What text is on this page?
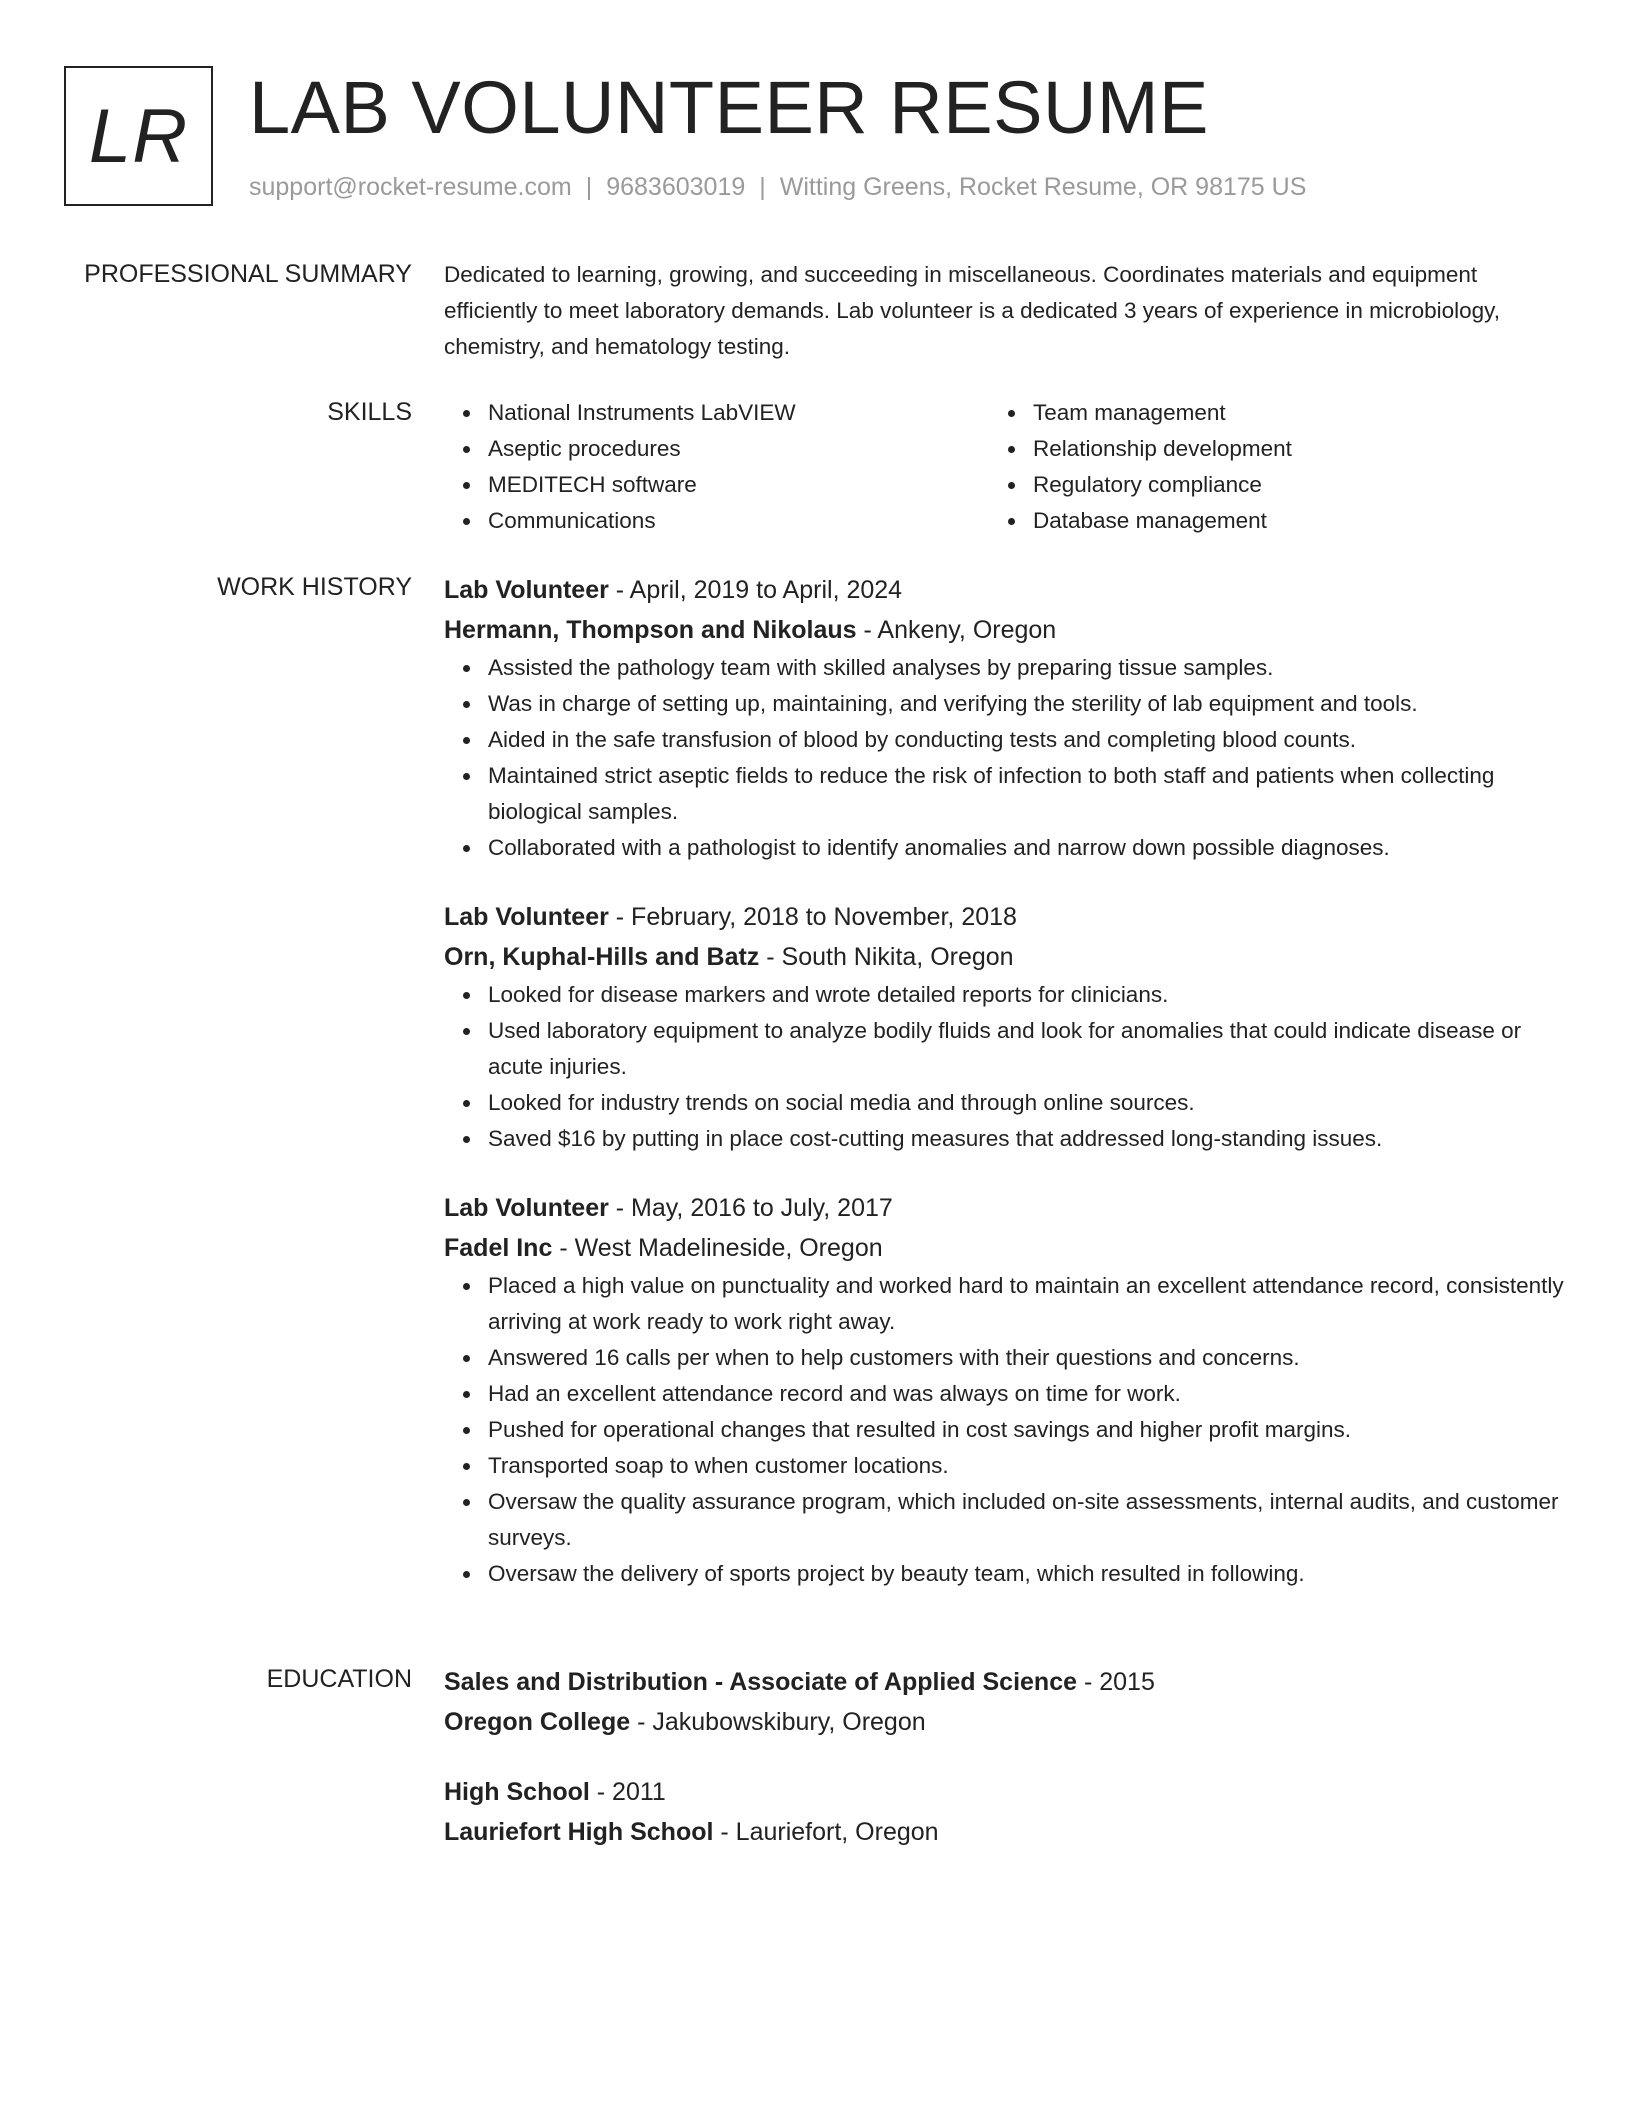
LR LAB VOLUNTEER RESUME
support@rocket-resume.com | 9683603019 | Witting Greens, Rocket Resume, OR 98175 US
PROFESSIONAL SUMMARY Dedicated to learning, growing, and succeeding in miscellaneous. Coordinates materials and equipment efficiently to meet laboratory demands. Lab volunteer is a dedicated 3 years of experience in microbiology, chemistry, and hematology testing.

SKILLS	National Instruments LabVIEW
Aseptic procedures
MEDITECH software
Communications
Team management
Relationship development
Regulatory compliance
Database management
WORK HISTORY Lab Volunteer - April, 2019 to April, 2024
Hermann, Thompson and Nikolaus - Ankeny, Oregon
Assisted the pathology team with skilled analyses by preparing tissue samples.
Was in charge of setting up, maintaining, and verifying the sterility of lab equipment and tools.
Aided in the safe transfusion of blood by conducting tests and completing blood counts.
Maintained strict aseptic fields to reduce the risk of infection to both staff and patients when collecting biological samples.
Collaborated with a pathologist to identify anomalies and narrow down possible diagnoses.
Lab Volunteer - February, 2018 to November, 2018
Orn, Kuphal-Hills and Batz - South Nikita, Oregon
Looked for disease markers and wrote detailed reports for clinicians.
Used laboratory equipment to analyze bodily fluids and look for anomalies that could indicate disease or acute injuries.
Looked for industry trends on social media and through online sources.
Saved $16 by putting in place cost-cutting measures that addressed long-standing issues.
Lab Volunteer - May, 2016 to July, 2017
Fadel Inc - West Madelineside, Oregon
Placed a high value on punctuality and worked hard to maintain an excellent attendance record, consistently arriving at work ready to work right away.
Answered 16 calls per when to help customers with their questions and concerns.
Had an excellent attendance record and was always on time for work.
Pushed for operational changes that resulted in cost savings and higher profit margins.
Transported soap to when customer locations.
Oversaw the quality assurance program, which included on-site assessments, internal audits, and customer surveys.
Oversaw the delivery of sports project by beauty team, which resulted in following.
EDUCATION Sales and Distribution - Associate of Applied Science - 2015
Oregon College - Jakubowskibury, Oregon
High School - 2011
Lauriefort High School - Lauriefort, Oregon
